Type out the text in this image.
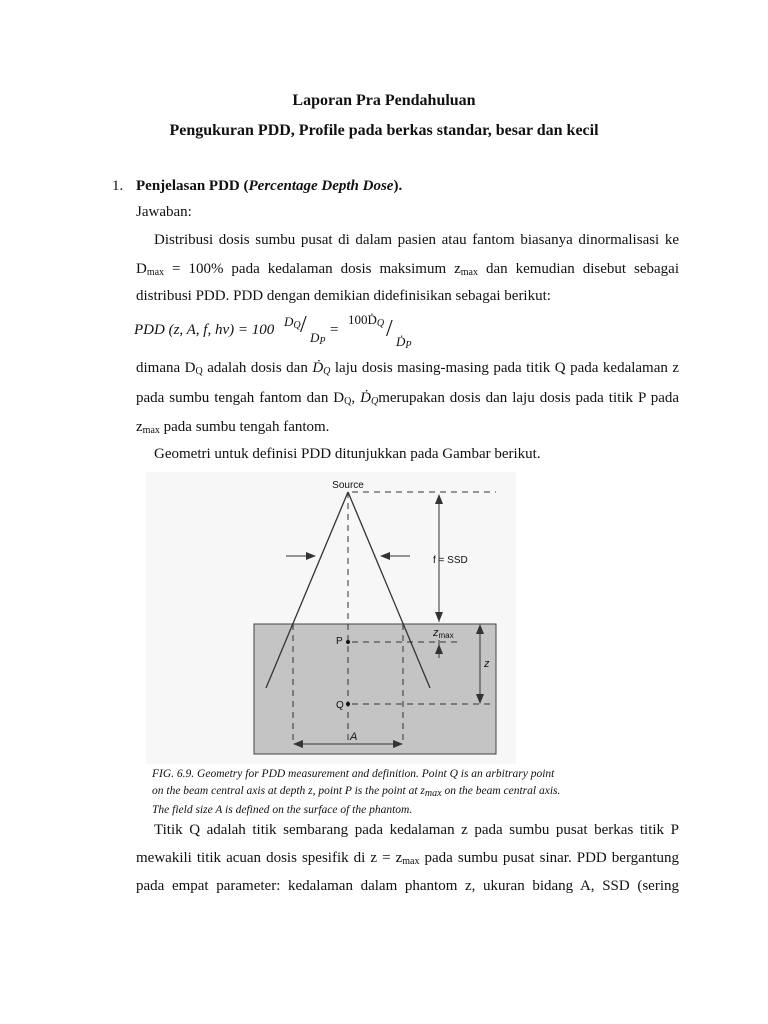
Laporan Pra Pendahuluan
Pengukuran PDD, Profile pada berkas standar, besar dan kecil
1. Penjelasan PDD (Percentage Depth Dose).
Jawaban:
Distribusi dosis sumbu pusat di dalam pasien atau fantom biasanya dinormalisasi ke
$D_{max} = 100\%$ pada kedalaman dosis maksimum $z_{max}$ dan kemudian disebut sebagai
distribusi PDD. PDD dengan demikian didefinisikan sebagai berikut:
PDD (z, A, f, hν) = 100
$D_Q / D_P$
=
100Ḋ$_Q$ / Ḋ$_P$
dimana $D_Q$ adalah dosis dan Ḋ$_Q$ laju dosis masing-masing pada titik Q pada kedalaman z
pada sumbu tengah fantom dan $D_Q$, Ḋ$_Q$merupakan dosis dan laju dosis pada titik P pada
$z_{max}$ pada sumbu tengah fantom.
Geometri untuk definisi PDD ditunjukkan pada Gambar berikut.
Source
f = SSD
zmax
z
P
Q
A
FIG. 6.9. Geometry for PDD measurement and definition. Point Q is an arbitrary point
on the beam central axis at depth z, point P is the point at $z_{max}$ on the beam central axis.
The field size A is defined on the surface of the phantom.
Titik Q adalah titik sembarang pada kedalaman z pada sumbu pusat berkas titik P
mewakili titik acuan dosis spesifik di $z = z_{max}$ pada sumbu pusat sinar. PDD bergantung
pada empat parameter: kedalaman dalam phantom z, ukuran bidang A, SSD (sering
